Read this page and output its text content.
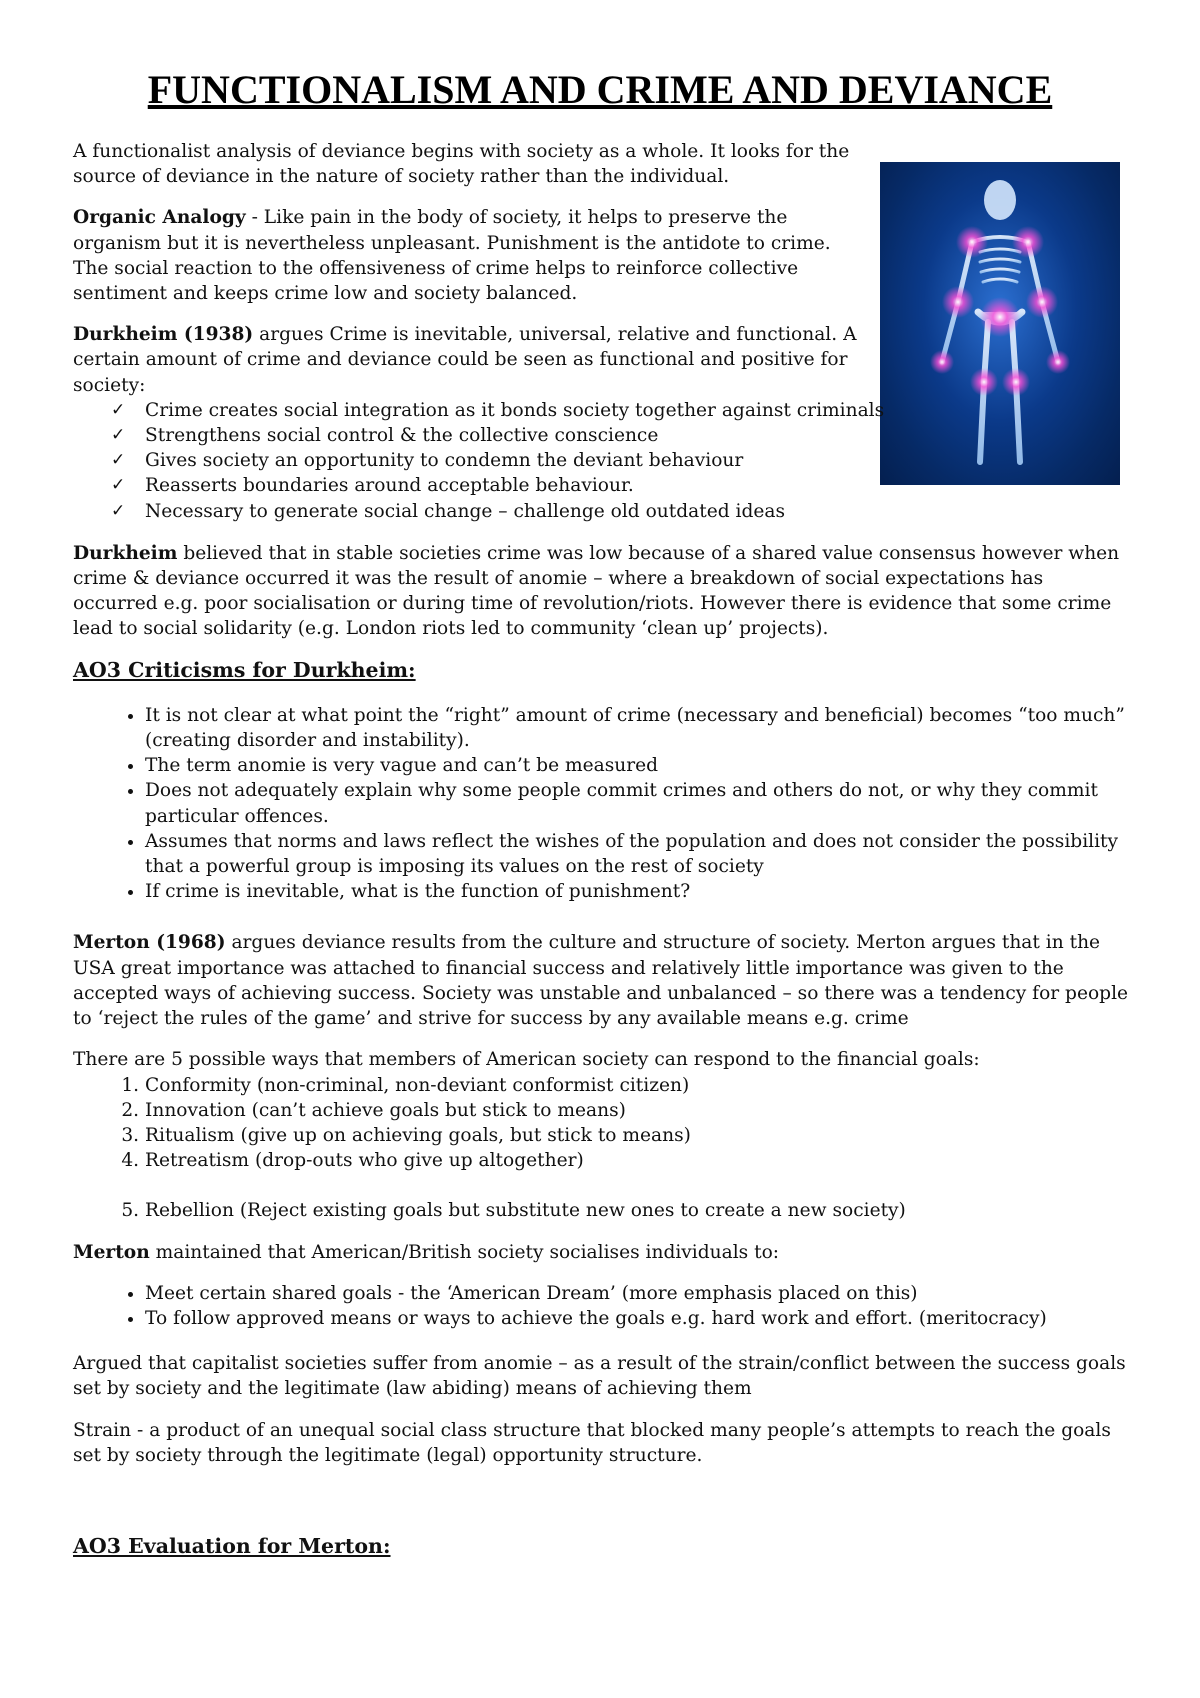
FUNCTIONALISM AND CRIME AND DEVIANCE

A functionalist analysis of deviance begins with society as a whole. It looks for the source of deviance in the nature of society rather than the individual.

Organic Analogy - Like pain in the body of society, it helps to preserve the organism but it is nevertheless unpleasant. Punishment is the antidote to crime. The social reaction to the offensiveness of crime helps to reinforce collective sentiment and keeps crime low and society balanced.

Durkheim (1938) argues Crime is inevitable, universal, relative and functional. A certain amount of crime and deviance could be seen as functional and positive for society:

✓ Crime creates social integration as it bonds society together against criminals
✓ Strengthens social control & the collective conscience
✓ Gives society an opportunity to condemn the deviant behaviour
✓ Reasserts boundaries around acceptable behaviour.
✓ Necessary to generate social change – challenge old outdated ideas

Durkheim believed that in stable societies crime was low because of a shared value consensus however when crime & deviance occurred it was the result of anomie – where a breakdown of social expectations has occurred e.g. poor socialisation or during time of revolution/riots. However there is evidence that some crime lead to social solidarity (e.g. London riots led to community ‘clean up’ projects).

AO3 Criticisms for Durkheim:
• It is not clear at what point the “right” amount of crime (necessary and beneficial) becomes “too much” (creating disorder and instability).
• The term anomie is very vague and can’t be measured
• Does not adequately explain why some people commit crimes and others do not, or why they commit particular offences.
• Assumes that norms and laws reflect the wishes of the population and does not consider the possibility that a powerful group is imposing its values on the rest of society
• If crime is inevitable, what is the function of punishment?

Merton (1968) argues deviance results from the culture and structure of society. Merton argues that in the USA great importance was attached to financial success and relatively little importance was given to the accepted ways of achieving success. Society was unstable and unbalanced – so there was a tendency for people to ‘reject the rules of the game’ and strive for success by any available means e.g. crime

There are 5 possible ways that members of American society can respond to the financial goals:

1. Conformity (non-criminal, non-deviant conformist citizen)
2. Innovation (can’t achieve goals but stick to means)
3. Ritualism (give up on achieving goals, but stick to means)
4. Retreatism (drop-outs who give up altogether)
5. Rebellion (Reject existing goals but substitute new ones to create a new society)

Merton maintained that American/British society socialises individuals to:

• Meet certain shared goals - the ‘American Dream’ (more emphasis placed on this)
• To follow approved means or ways to achieve the goals e.g. hard work and effort. (meritocracy)

Argued that capitalist societies suffer from anomie – as a result of the strain/conflict between the success goals set by society and the legitimate (law abiding) means of achieving them

Strain - a product of an unequal social class structure that blocked many people’s attempts to reach the goals set by society through the legitimate (legal) opportunity structure.

AO3 Evaluation for Merton:
